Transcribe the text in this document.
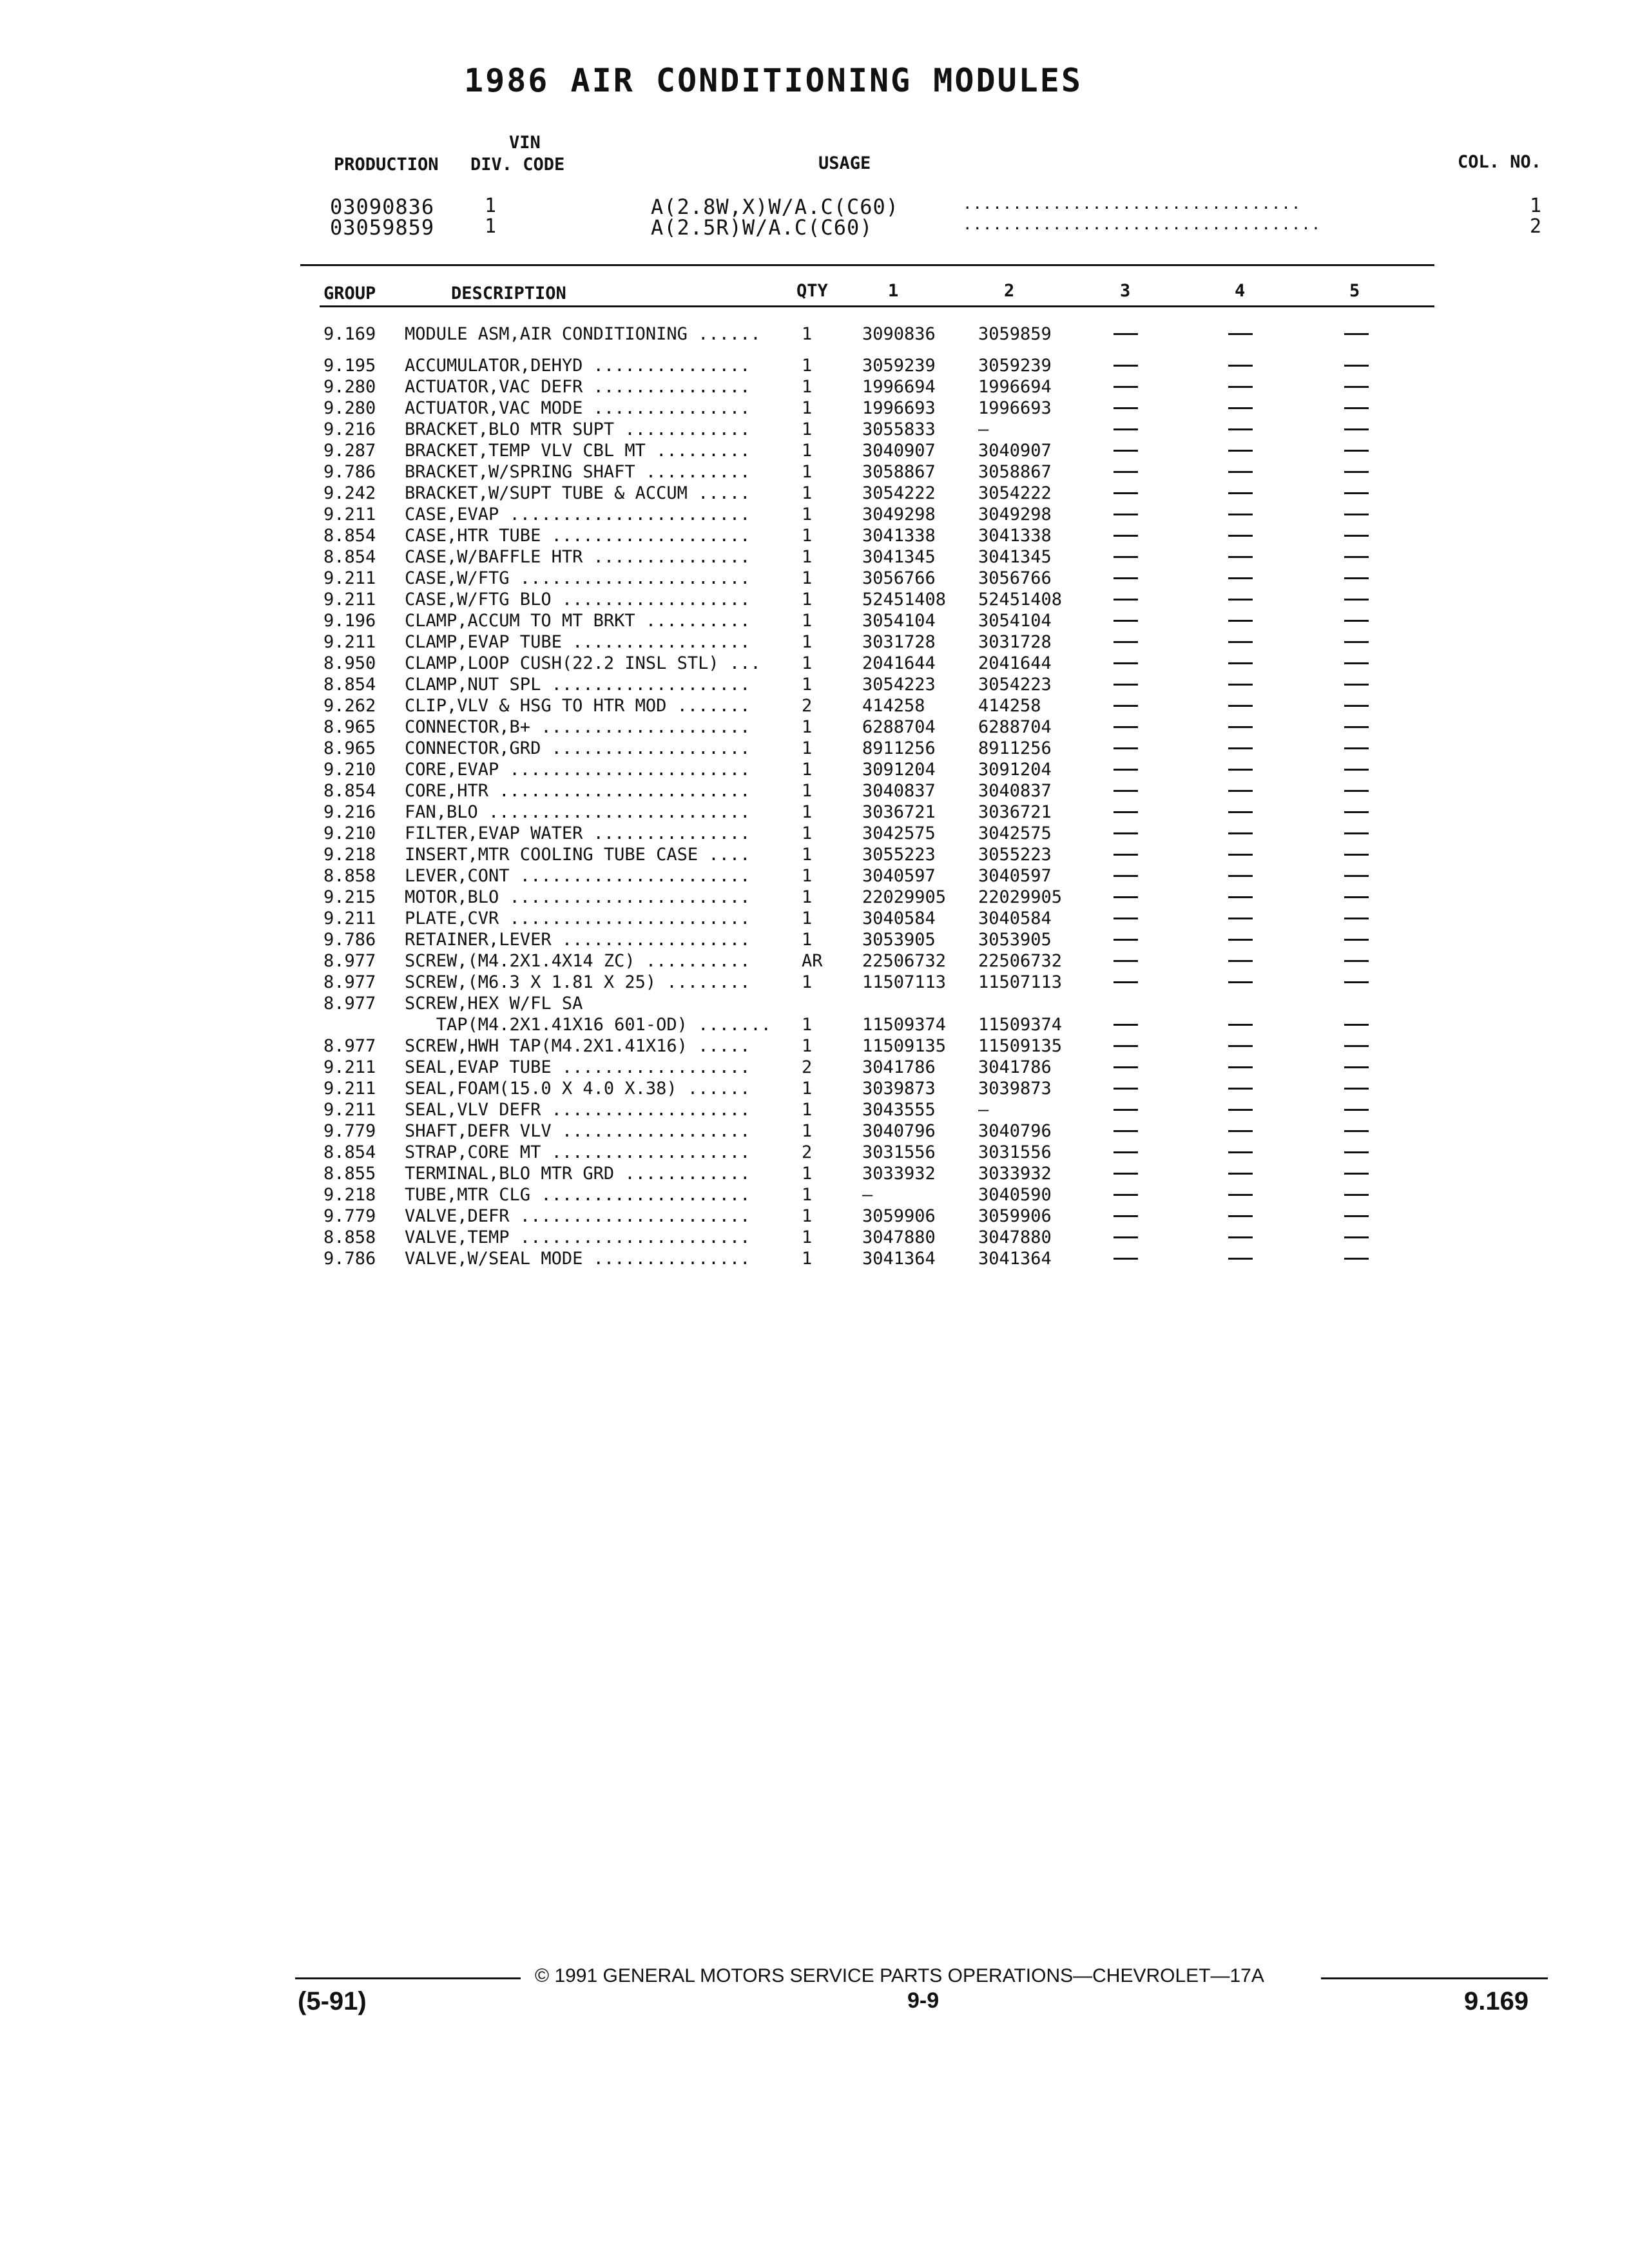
1986 AIR CONDITIONING MODULES
VIN
PRODUCTION DIV. CODE	USAGE	COL. NO.
03090836	1	A(2.8W,X)W/A.C(C60)	..................................	1
03059859	1	A(2.5R)W/A.C(C60)	....................................	2
GROUP	DESCRIPTION	QTY	1	2	3	4	5
9.169 MODULE ASM,AIR CONDITIONING ...... 1	3090836 3059859
9.195 ACCUMULATOR,DEHYD ...............	1	3059239 3059239
9.280 ACTUATOR,VAC DEFR ...............	1	1996694 1996694
9.280 ACTUATOR,VAC MODE ...............	1	1996693 1996693
9.216 BRACKET,BLO MTR SUPT ............	1	3055833 —
9.287 BRACKET,TEMP VLV CBL MT .........	1	3040907 3040907
9.786 BRACKET,W/SPRING SHAFT ..........	1	3058867 3058867
9.242 BRACKET,W/SUPT TUBE & ACCUM .....	1	3054222 3054222
9.211 CASE,EVAP .......................	1	3049298 3049298
8.854 CASE,HTR TUBE ...................	1	3041338 3041338
8.854 CASE,W/BAFFLE HTR ...............	1	3041345 3041345
9.211 CASE,W/FTG ......................	1	3056766 3056766
9.211 CASE,W/FTG BLO ..................	1	52451408 52451408
9.196 CLAMP,ACCUM TO MT BRKT ..........	1	3054104 3054104
9.211 CLAMP,EVAP TUBE .................	1	3031728 3031728
8.950 CLAMP,LOOP CUSH(22.2 INSL STL) ... 1	2041644 2041644
8.854 CLAMP,NUT SPL ...................	1	3054223 3054223
9.262 CLIP,VLV & HSG TO HTR MOD .......	2	414258	414258
8.965 CONNECTOR,B+ ....................	1	6288704 6288704
8.965 CONNECTOR,GRD ...................	1	8911256 8911256
9.210 CORE,EVAP .......................	1	3091204 3091204
8.854 CORE,HTR ........................	1	3040837 3040837
9.216 FAN,BLO .........................	1	3036721 3036721
9.210 FILTER,EVAP WATER ...............	1	3042575 3042575
9.218 INSERT,MTR COOLING TUBE CASE ....	1	3055223 3055223
8.858 LEVER,CONT ......................	1	3040597 3040597
9.215 MOTOR,BLO .......................	1	22029905 22029905
9.211 PLATE,CVR .......................	1	3040584 3040584
9.786 RETAINER,LEVER ..................	1	3053905 3053905
8.977 SCREW,(M4.2X1.4X14 ZC) ..........	AR 22506732 22506732
8.977 SCREW,(M6.3 X 1.81 X 25) ........	1	11507113 11507113
8.977 SCREW,HEX W/FL SA
TAP(M4.2X1.41X16 601-OD) ....... 1	11509374 11509374
8.977 SCREW,HWH TAP(M4.2X1.41X16) .....	1	11509135 11509135
9.211 SEAL,EVAP TUBE ..................	2	3041786 3041786
9.211 SEAL,FOAM(15.0 X 4.0 X.38) ......	1	3039873 3039873
9.211 SEAL,VLV DEFR ...................	1	3043555 —
9.779 SHAFT,DEFR VLV ..................	1	3040796 3040796
8.854 STRAP,CORE MT ...................	2	3031556 3031556
8.855 TERMINAL,BLO MTR GRD ............	1	3033932 3033932
9.218 TUBE,MTR CLG ....................	1	—	3040590
9.779 VALVE,DEFR ......................	1	3059906 3059906
8.858 VALVE,TEMP ......................	1	3047880 3047880
9.786 VALVE,W/SEAL MODE ...............	1	3041364 3041364
© 1991 GENERAL MOTORS SERVICE PARTS OPERATIONS—CHEVROLET—17A
(5-91)	9-9	9.169
